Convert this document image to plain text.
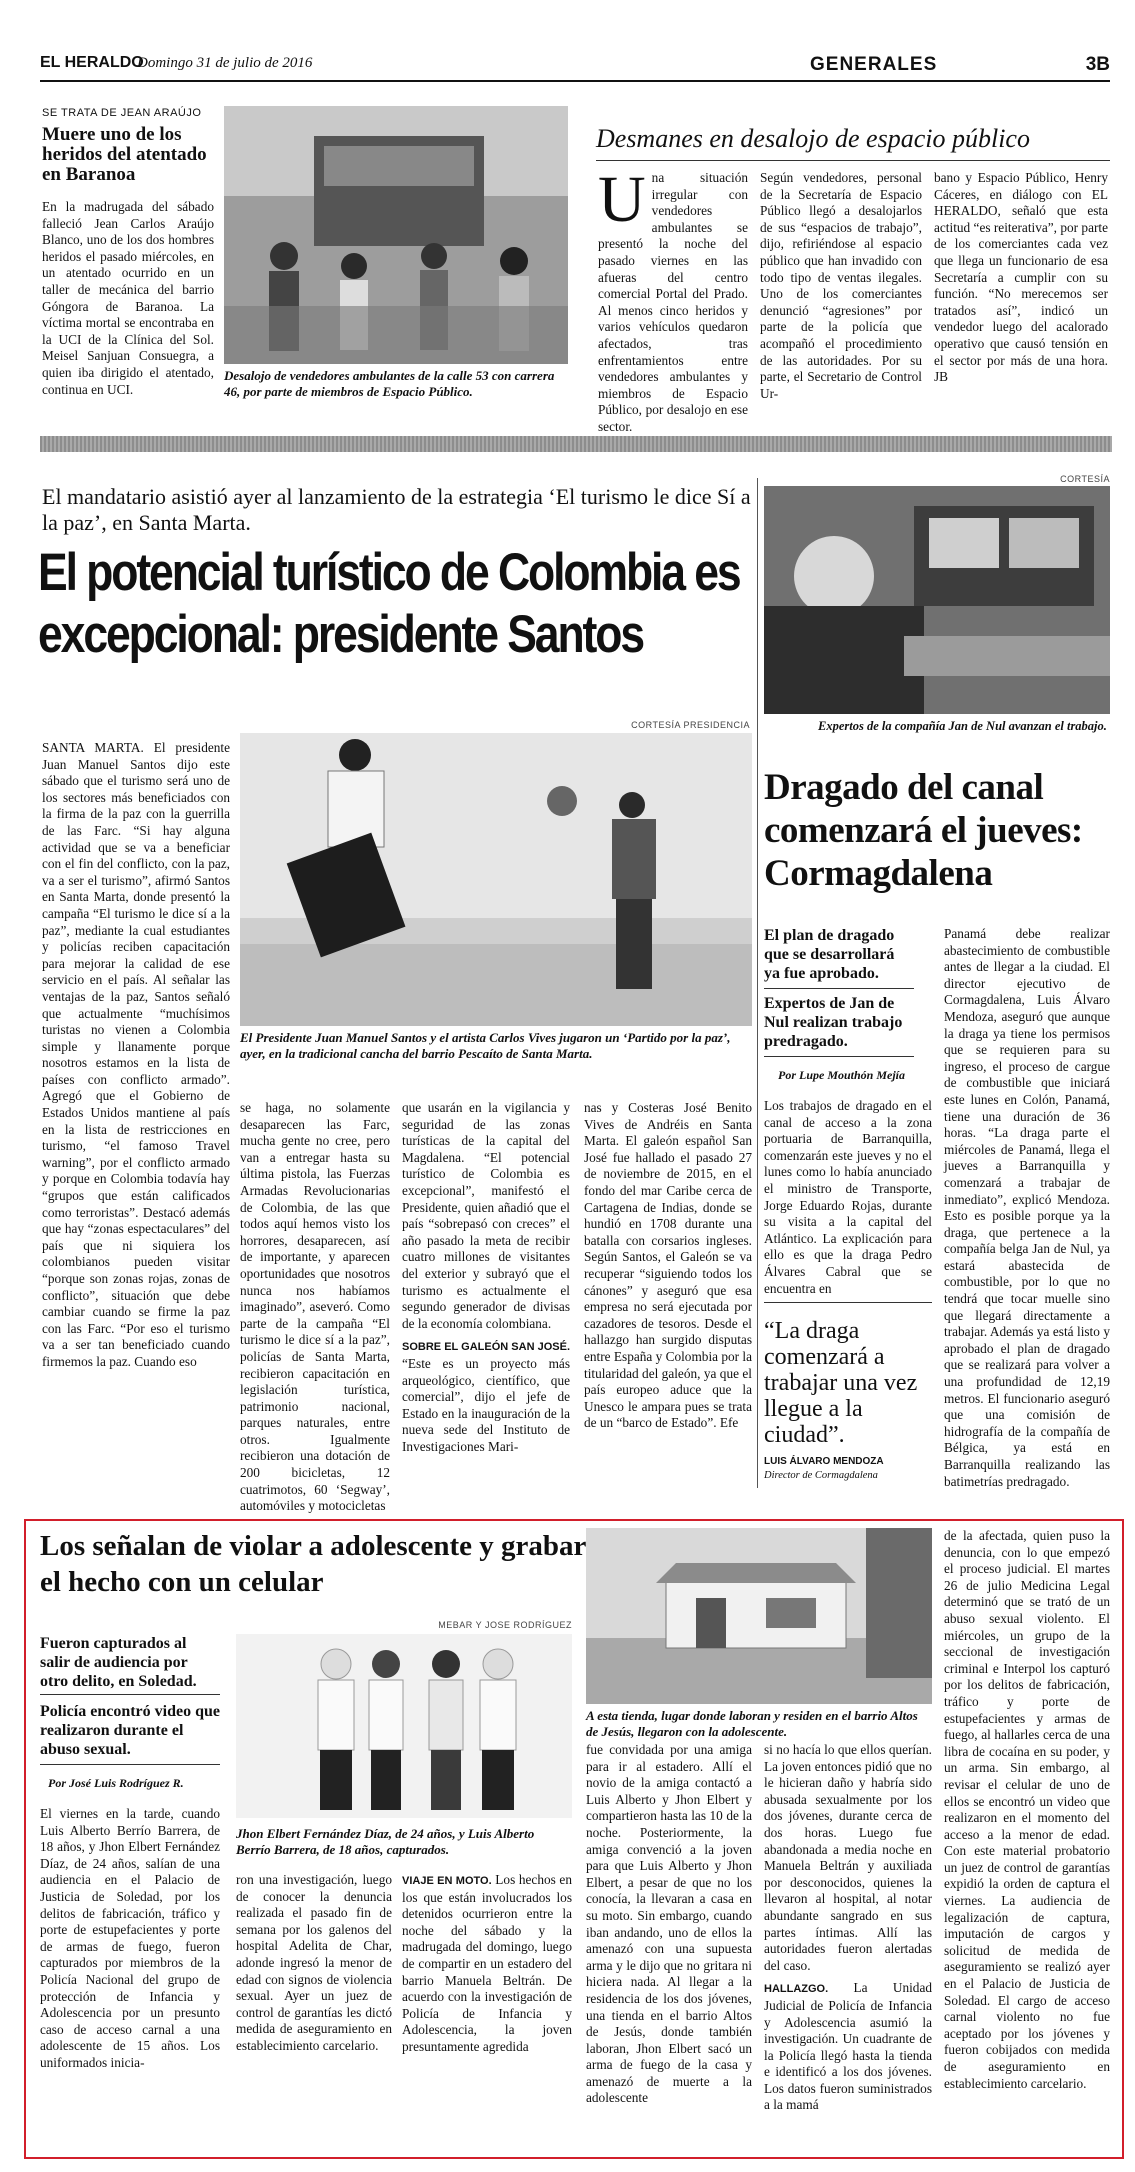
EL HERALDO
Domingo 31 de julio de 2016	GENERALES	3B
SE TRATA DE JEAN ARAÚJO
Muere uno de los heridos del atentado en Baranoa
En la madrugada del sábado falleció Jean Carlos Araújo Blanco, uno de los dos hombres heridos el pasado miércoles, en un atentado ocurrido en un taller de mecánica del barrio Góngora de Baranoa. La víctima mortal se encontraba en la UCI de la Clínica del Sol. Meisel Sanjuan Consuegra, a quien iba dirigido el atentado, continua en UCI.
Desalojo de vendedores ambulantes de la calle 53 con carrera 46, por parte de miembros de Espacio Público.
Desmanes en desalojo de espacio público
Una situación irregular con vendedores ambulantes se presentó la noche del pasado viernes en las afueras del centro comercial Portal del Prado. Al menos cinco heridos y varios vehículos quedaron afectados, tras enfrentamientos entre vendedores ambulantes y miembros de Espacio Público, por desalojo en ese sector.
Según vendedores, personal de la Secretaría de Espacio Público llegó a desalojarlos de sus “espacios de trabajo”, dijo, refiriéndose al espacio público que han invadido con todo tipo de ventas ilegales. Uno de los comerciantes denunció “agresiones” por parte de la policía que acompañó el procedimiento de las autoridades. Por su parte, el Secretario de Control Ur-
bano y Espacio Público, Henry Cáceres, en diálogo con EL HERALDO, señaló que esta actitud “es reiterativa”, por parte de los comerciantes cada vez que llega un funcionario de esa Secretaría a cumplir con su función. “No merecemos ser tratados así”, indicó un vendedor luego del acalorado operativo que causó tensión en el sector por más de una hora. JB
El mandatario asistió ayer al lanzamiento de la estrategia ‘El turismo le dice Sí a la paz’, en Santa Marta.
El potencial turístico de Colombia es excepcional: presidente Santos
CORTESÍA PRESIDENCIA
El Presidente Juan Manuel Santos y el artista Carlos Vives jugaron un ‘Partido por la paz’, ayer, en la tradicional cancha del barrio Pescaíto de Santa Marta.
SANTA MARTA. El presidente Juan Manuel Santos dijo este sábado que el turismo será uno de los sectores más beneficiados con la firma de la paz con la guerrilla de las Farc. “Si hay alguna actividad que se va a beneficiar con el fin del conflicto, con la paz, va a ser el turismo”, afirmó Santos en Santa Marta, donde presentó la campaña “El turismo le dice sí a la paz”, mediante la cual estudiantes y policías reciben capacitación para mejorar la calidad de ese servicio en el país. Al señalar las ventajas de la paz, Santos señaló que actualmente “muchísimos turistas no vienen a Colombia simple y llanamente porque nosotros estamos en la lista de países con conflicto armado”. Agregó que el Gobierno de Estados Unidos mantiene al país en la lista de restricciones en turismo, “el famoso Travel warning”, por el conflicto armado y porque en Colombia todavía hay “grupos que están calificados como terroristas”. Destacó además que hay “zonas espectaculares” del país que ni siquiera los colombianos pueden visitar “porque son zonas rojas, zonas de conflicto”, situación que debe cambiar cuando se firme la paz con las Farc. “Por eso el turismo va a ser tan beneficiado cuando firmemos la paz. Cuando eso
se haga, no solamente desaparecen las Farc, mucha gente no cree, pero van a entregar hasta su última pistola, las Fuerzas Armadas Revolucionarias de Colombia, de las que todos aquí hemos visto los horrores, desaparecen, así de importante, y aparecen oportunidades que nosotros nunca nos habíamos imaginado”, aseveró. Como parte de la campaña “El turismo le dice sí a la paz”, policías de Santa Marta, recibieron capacitación en legislación turística, patrimonio nacional, parques naturales, entre otros. Igualmente recibieron una dotación de 200 bicicletas, 12 cuatrimotos, 60 ‘Segway’, automóviles y motocicletas

que usarán en la vigilancia y seguridad de las zonas turísticas de la capital del Magdalena. “El potencial turístico de Colombia es excepcional”, manifestó el Presidente, quien añadió que el país “sobrepasó con creces” el año pasado la meta de recibir cuatro millones de visitantes del exterior y subrayó que el turismo es actualmente el segundo generador de divisas de la economía colombiana.

SOBRE EL GALEÓN SAN JOSÉ. “Este es un proyecto más arqueológico, científico, que comercial”, dijo el jefe de Estado en la inauguración de la nueva sede del Instituto de Investigaciones Mari-

nas y Costeras José Benito Vives de Andréis en Santa Marta. El galeón español San José fue hallado el pasado 27 de noviembre de 2015, en el fondo del mar Caribe cerca de Cartagena de Indias, donde se hundió en 1708 durante una batalla con corsarios ingleses. Según Santos, el Galeón se va recuperar “siguiendo todos los cánones” y aseguró que esa empresa no será ejecutada por cazadores de tesoros. Desde el hallazgo han surgido disputas entre España y Colombia por la titularidad del galeón, ya que el país europeo aduce que la Unesco le ampara pues se trata de un “barco de Estado”. Efe
CORTESÍA
Expertos de la compañía Jan de Nul avanzan el trabajo.
Dragado del canal comenzará el jueves: Cormagdalena
El plan de dragado que se desarrollará ya fue aprobado.
Expertos de Jan de Nul realizan trabajo predragado.
Por Lupe Mouthón Mejía
Los trabajos de dragado en el canal de acceso a la zona portuaria de Barranquilla, comenzarán este jueves y no el lunes como lo había anunciado el ministro de Transporte, Jorge Eduardo Rojas, durante su visita a la capital del Atlántico. La explicación para ello es que la draga Pedro Álvares Cabral que se encuentra en
“La draga comenzará a trabajar una vez llegue a la ciudad”.
LUIS ÁLVARO MENDOZA
Director de Cormagdalena
Panamá debe realizar abastecimiento de combustible antes de llegar a la ciudad. El director ejecutivo de Cormagdalena, Luis Álvaro Mendoza, aseguró que aunque la draga ya tiene los permisos que se requieren para su ingreso, el proceso de cargue de combustible que iniciará este lunes en Colón, Panamá, tiene una duración de 36 horas. “La draga parte el miércoles de Panamá, llega el jueves a Barranquilla y comenzará a trabajar de inmediato”, explicó Mendoza. Esto es posible porque ya la draga, que pertenece a la compañía belga Jan de Nul, ya estará abastecida de combustible, por lo que no tendrá que tocar muelle sino que llegará directamente a trabajar. Además ya está listo y aprobado el plan de dragado que se realizará para volver a una profundidad de 12,19 metros. El funcionario aseguró que una comisión de hidrografía de la compañía de Bélgica, ya está en Barranquilla realizando las batimetrías predragado.
Los señalan de violar a adolescente y grabar el hecho con un celular
Fueron capturados al salir de audiencia por otro delito, en Soledad.
Policía encontró video que realizaron durante el abuso sexual.
Por José Luis Rodríguez R.
El viernes en la tarde, cuando Luis Alberto Berrío Barrera, de 18 años, y Jhon Elbert Fernández Díaz, de 24 años, salían de una audiencia en el Palacio de Justicia de Soledad, por los delitos de fabricación, tráfico y porte de estupefacientes y porte de armas de fuego, fueron capturados por miembros de la Policía Nacional del grupo de protección de Infancia y Adolescencia por un presunto caso de acceso carnal a una adolescente de 15 años. Los uniformados inicia-
MEBAR Y JOSE RODRÍGUEZ
Jhon Elbert Fernández Díaz, de 24 años, y Luis Alberto Berrío Barrera, de 18 años, capturados.
A esta tienda, lugar donde laboran y residen en el barrio Altos de Jesús, llegaron con la adolescente.
ron una investigación, luego de conocer la denuncia realizada el pasado fin de semana por los galenos del hospital Adelita de Char, adonde ingresó la menor de edad con signos de violencia sexual. Ayer un juez de control de garantías les dictó medida de aseguramiento en establecimiento carcelario.
VIAJE EN MOTO. Los hechos en los que están involucrados los detenidos ocurrieron entre la noche del sábado y la madrugada del domingo, luego de compartir en un estadero del barrio Manuela Beltrán. De acuerdo con la investigación de Policía de Infancia y Adolescencia, la joven presuntamente agredida
fue convidada por una amiga para ir al estadero. Allí el novio de la amiga contactó a Luis Alberto y Jhon Elbert y compartieron hasta las 10 de la noche. Posteriormente, la amiga convenció a la joven para que Luis Alberto y Jhon Elbert, a pesar de que no los conocía, la llevaran a casa en su moto. Sin embargo, cuando iban andando, uno de ellos la amenazó con una supuesta arma y le dijo que no gritara ni hiciera nada. Al llegar a la residencia de los dos jóvenes, una tienda en el barrio Altos de Jesús, donde también laboran, Jhon Elbert sacó un arma de fuego de la casa y amenazó de muerte a la adolescente

si no hacía lo que ellos querían. La joven entonces pidió que no le hicieran daño y habría sido abusada sexualmente por los dos jóvenes, durante cerca de dos horas. Luego fue abandonada a media noche en Manuela Beltrán y auxiliada por desconocidos, quienes la llevaron al hospital, al notar abundante sangrado en sus partes íntimas. Allí las autoridades fueron alertadas del caso.

HALLAZGO. La Unidad Judicial de Policía de Infancia y Adolescencia asumió la investigación. Un cuadrante de la Policía llegó hasta la tienda e identificó a los dos jóvenes. Los datos fueron suministrados a la mamá

de la afectada, quien puso la denuncia, con lo que empezó el proceso judicial. El martes 26 de julio Medicina Legal determinó que se trató de un abuso sexual violento. El miércoles, un grupo de la seccional de investigación criminal e Interpol los capturó por los delitos de fabricación, tráfico y porte de estupefacientes y armas de fuego, al hallarles cerca de una libra de cocaína en su poder, y un arma. Sin embargo, al revisar el celular de uno de ellos se encontró un video que realizaron en el momento del acceso a la menor de edad. Con este material probatorio un juez de control de garantías expidió la orden de captura el viernes. La audiencia de legalización de captura, imputación de cargos y solicitud de medida de aseguramiento se realizó ayer en el Palacio de Justicia de Soledad. El cargo de acceso carnal violento no fue aceptado por los jóvenes y fueron cobijados con medida de aseguramiento en establecimiento carcelario.
